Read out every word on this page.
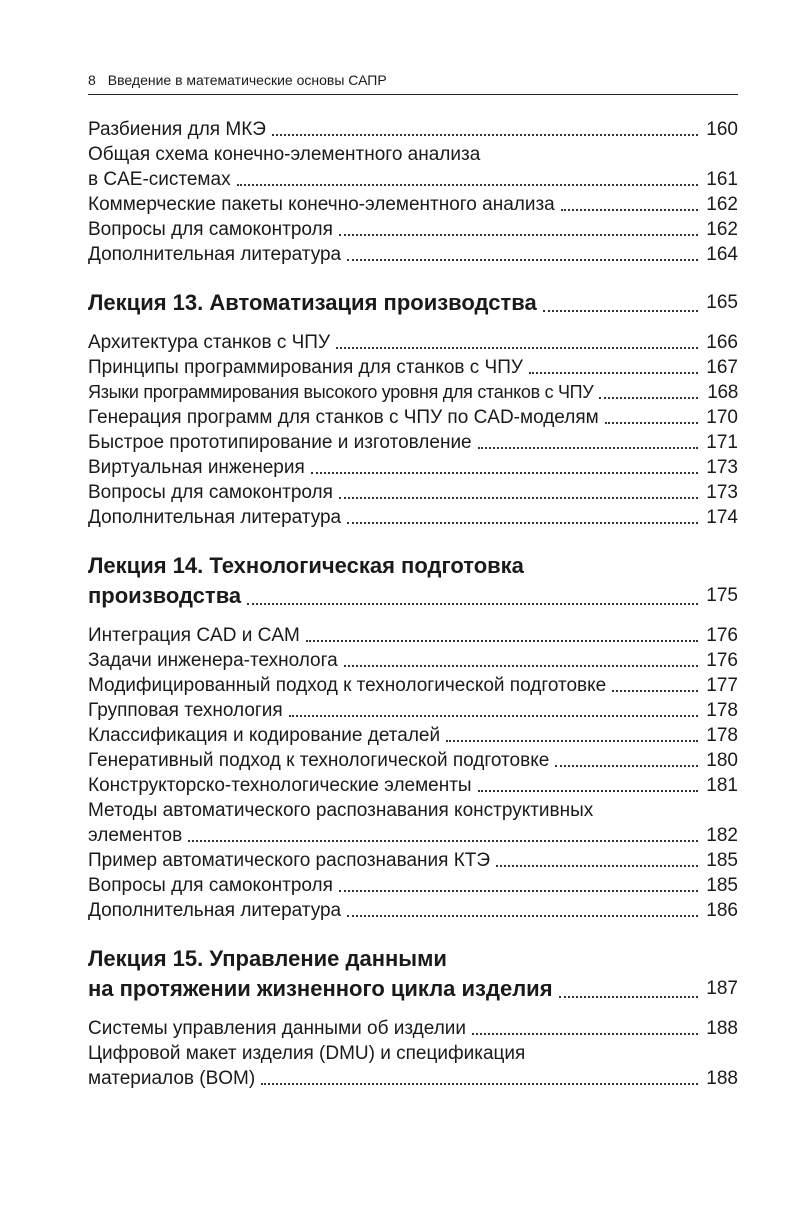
8 Введение в математические основы САПР
Разбиения для МКЭ	160
Общая схема конечно-элементного анализа
в CAE-системах	161
Коммерческие пакеты конечно-элементного анализа	162
Вопросы для самоконтроля	162
Дополнительная литература	164
Лекция 13. Автоматизация производства	165
Архитектура станков с ЧПУ	166
Принципы программирования для станков с ЧПУ	167
Языки программирования высокого уровня для станков с ЧПУ	168
Генерация программ для станков с ЧПУ по CAD-моделям	170
Быстрое прототипирование и изготовление	171
Виртуальная инженерия	173
Вопросы для самоконтроля	173
Дополнительная литература	174
Лекция 14. Технологическая подготовка
производства	175
Интеграция CAD и CAM	176
Задачи инженера-технолога	176
Модифицированный подход к технологической подготовке	177
Групповая технология	178
Классификация и кодирование деталей	178
Генеративный подход к технологической подготовке	180
Конструкторско-технологические элементы	181
Методы автоматического распознавания конструктивных
элементов	182
Пример автоматического распознавания КТЭ	185
Вопросы для самоконтроля	185
Дополнительная литература	186
Лекция 15. Управление данными
на протяжении жизненного цикла изделия	187
Системы управления данными об изделии	188
Цифровой макет изделия (DMU) и спецификация
материалов (BOM)	188
